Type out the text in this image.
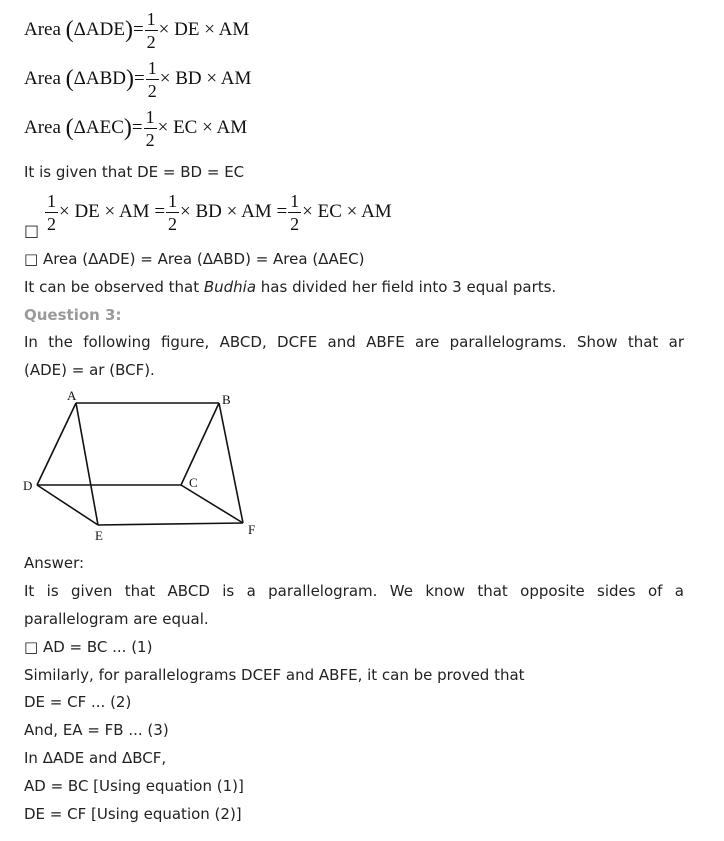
Area $(\Delta ADE)= \frac{1}{2}$ × DE × AM
Area $(\Delta ABD)= \frac{1}{2}$ × BD × AM
Area $(\Delta AEC)= \frac{1}{2}$ × EC × AM
It is given that DE = BD = EC
$\frac{1}{2}$ × DE × AM = $\frac{1}{2}$ × BD × AM = $\frac{1}{2}$ × EC × AM
□
□ Area (ΔADE) = Area (ΔABD) = Area (ΔAEC)
It can be observed that Budhia has divided her field into 3 equal parts.
Question 3:
In the following figure, ABCD, DCFE and ABFE are parallelograms. Show that ar
(ADE) = ar (BCF).
A	B
C
D
E	F
Answer:
It is given that ABCD is a parallelogram. We know that opposite sides of a
parallelogram are equal.
□ AD = BC ... (1)
Similarly, for parallelograms DCEF and ABFE, it can be proved that
DE = CF ... (2)
And, EA = FB ... (3)
In ΔADE and ΔBCF,
AD = BC [Using equation (1)]
DE = CF [Using equation (2)]
